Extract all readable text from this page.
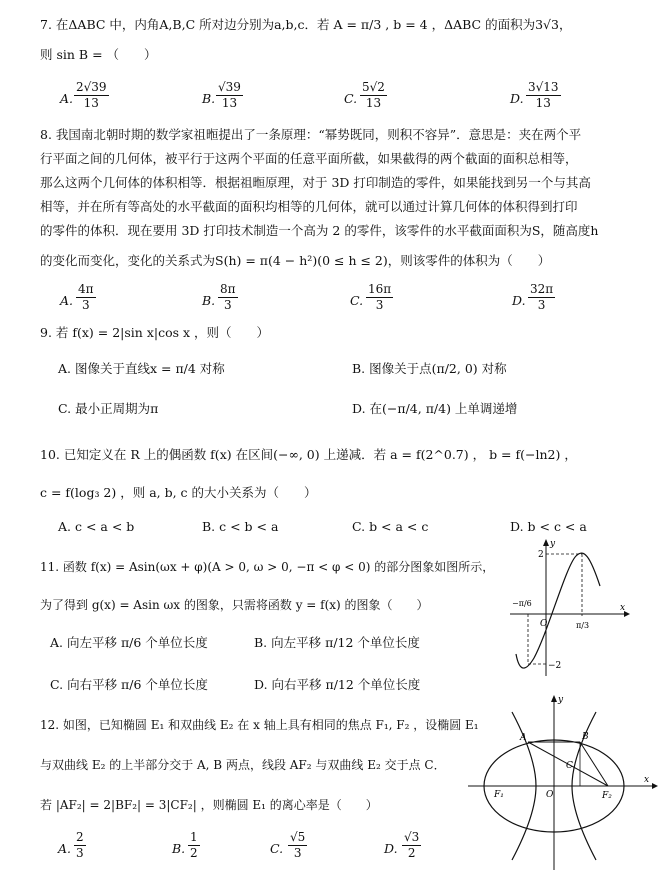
7. 在ΔABC 中，内角A,B,C 所对边分别为a,b,c．若 A = π/3 , b = 4 ，ΔABC 的面积为3√3，
则 sin B = （　　）
A. $\frac{2√39}{13}$	B. $\frac{√39}{13}$	C. $\frac{5√2}{13}$	D. $\frac{3√13}{13}$
8. 我国南北朝时期的数学家祖暅提出了一条原理：“幂势既同，则积不容异”．意思是：夹在两个平
行平面之间的几何体，被平行于这两个平面的任意平面所截，如果截得的两个截面的面积总相等，
那么这两个几何体的体积相等．根据祖暅原理，对于 3D 打印制造的零件，如果能找到另一个与其高
相等，并在所有等高处的水平截面的面积均相等的几何体，就可以通过计算几何体的体积得到打印
的零件的体积．现在要用 3D 打印技术制造一个高为 2 的零件，该零件的水平截面面积为S，随高度h
的变化而变化，变化的关系式为S(h) = π(4 − h²)(0 ≤ h ≤ 2)，则该零件的体积为（　　）
A. $\frac{4\pi}{3}$	B. $\frac{8\pi}{3}$	C. $\frac{16\pi}{3}$	D. $\frac{32\pi}{3}$
9. 若 f(x) = 2|sin x|cos x ，则（　　）
A. 图像关于直线x = π/4 对称	B. 图像关于点(π/2, 0) 对称
C. 最小正周期为π	D. 在(−π/4, π/4) 上单调递增
10. 已知定义在 R 上的偶函数 f(x) 在区间(−∞, 0) 上递减．若 a = f(2^0.7) ， b = f(−ln2) ，
c = f(log₃ 2) ，则 a, b, c 的大小关系为（　　）
A. c < a < b	B. c < b < a	C. b < a < c	D. b < c < a
11. 函数 f(x) = Asin(ωx + φ)(A > 0, ω > 0, −π < φ < 0) 的部分图象如图所示，
为了得到 g(x) = Asin ωx 的图象，只需将函数 y = f(x) 的图象（　　）
A. 向左平移 π/6 个单位长度	B. 向左平移 π/12 个单位长度
C. 向右平移 π/6 个单位长度	D. 向右平移 π/12 个单位长度
y
x
O
2
−2
−π/6
π/3
12. 如图，已知椭圆 E₁ 和双曲线 E₂ 在 x 轴上具有相同的焦点 F₁, F₂ ，设椭圆 E₁
与双曲线 E₂ 的上半部分交于 A, B 两点，线段 AF₂ 与双曲线 E₂ 交于点 C．
若 |AF₂| = 2|BF₂| = 3|CF₂| ，则椭圆 E₁ 的离心率是（　　）
A. $\frac{2}{3}$	B. $\frac{1}{2}$	C. $\frac{√5}{3}$	D. $\frac{√3}{2}$
y
x
O
A	B
C
F₁	F₂
